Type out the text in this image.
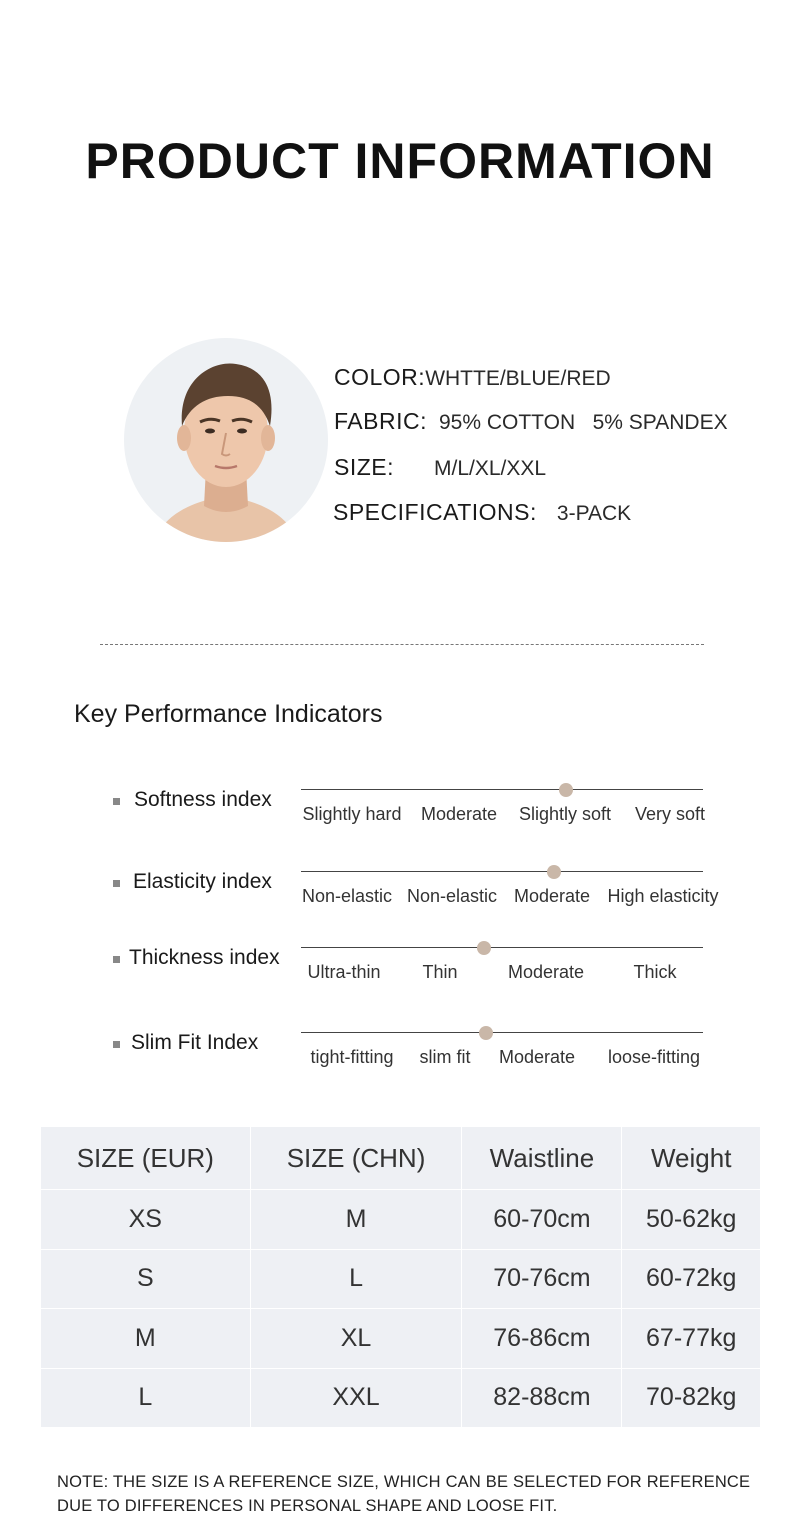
PRODUCT INFORMATION
COLOR:WHTTE/BLUE/RED
FABRIC: 95% COTTON   5% SPANDEX
SIZE: M/L/XL/XXL
SPECIFICATIONS: 3-PACK
Key Performance Indicators
Softness index
Slightly hard Moderate Slightly soft Very soft
Elasticity index
Non-elastic Non-elastic Moderate High elasticity
Thickness index
Ultra-thin Thin	Moderate	Thick
Slim Fit Index
tight-fitting slim fit Moderate loose-fitting
SIZE (EUR)	SIZE (CHN)	Waistline	Weight
XS	M	60-70cm	50-62kg
S	L	70-76cm	60-72kg
M	XL	76-86cm	67-77kg
L	XXL	82-88cm	70-82kg
NOTE: THE SIZE IS A REFERENCE SIZE, WHICH CAN BE SELECTED FOR REFERENCE DUE TO DIFFERENCES IN PERSONAL SHAPE AND LOOSE FIT.
